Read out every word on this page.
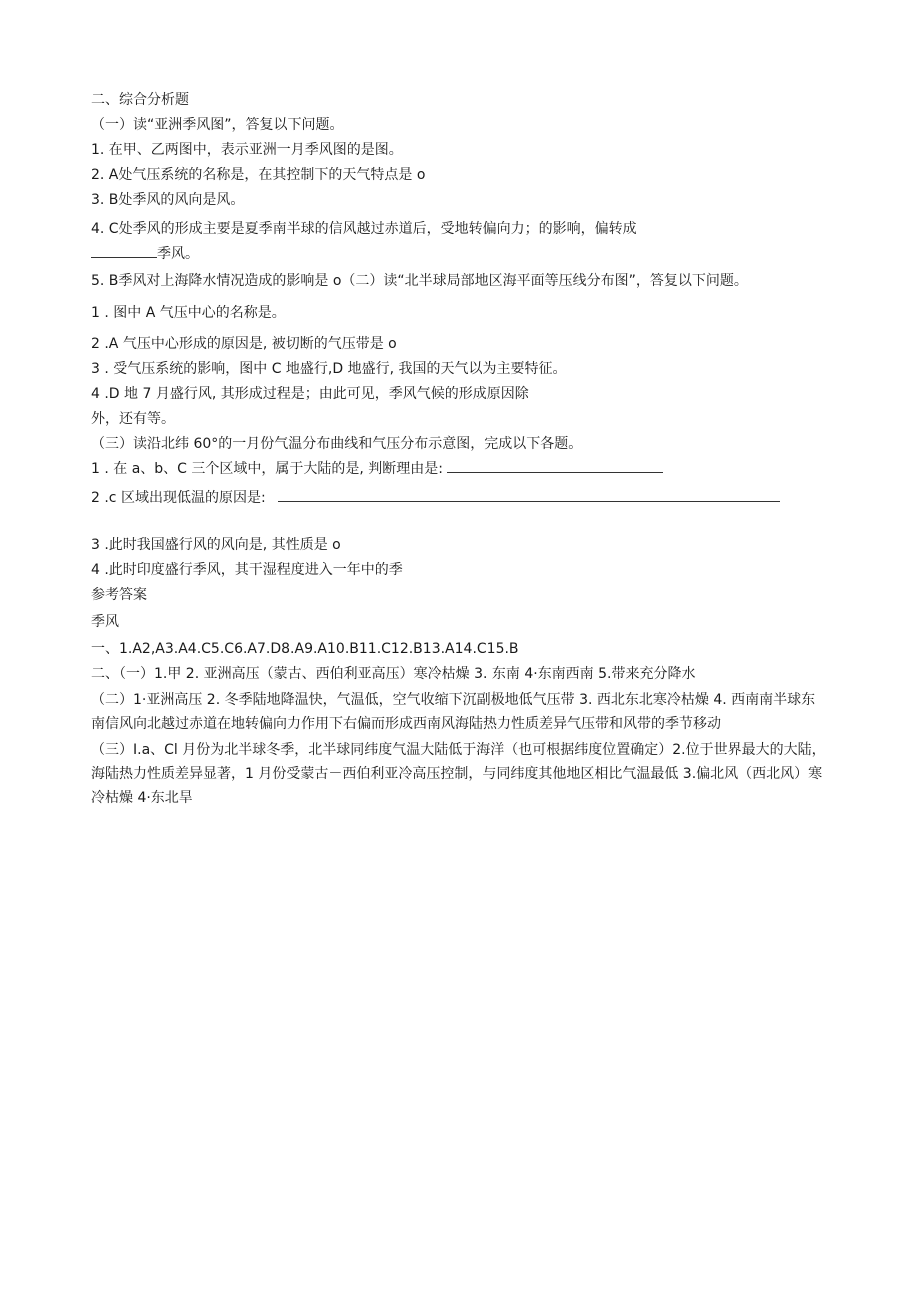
二、综合分析题
（一）读“亚洲季风图”，答复以下问题。
1. 在甲、乙两图中，表示亚洲一月季风图的是图。
2. A处气压系统的名称是，在其控制下的天气特点是 o
3. B处季风的风向是风。
4. C处季风的形成主要是夏季南半球的信风越过赤道后，受地转偏向力；的影响，偏转成
季风。
5. B季风对上海降水情况造成的影响是 o（二）读“北半球局部地区海平面等压线分布图”，答复以下问题。
1 . 图中 A 气压中心的名称是。
2 .A 气压中心形成的原因是, 被切断的气压带是 o
3 . 受气压系统的影响，图中 C 地盛行,D 地盛行, 我国的天气以为主要特征。
4 .D 地 7 月盛行风, 其形成过程是；由此可见，季风气候的形成原因除
外，还有等。
（三）读沿北纬 60°的一月份气温分布曲线和气压分布示意图，完成以下各题。
1 . 在 a、b、C 三个区域中，属于大陆的是, 判断理由是:
2 .c 区域出现低温的原因是:
3 .此时我国盛行风的风向是, 其性质是 o
4 .此时印度盛行季风，其干湿程度进入一年中的季
参考答案
季风
一、1.A2,A3.A4.C5.C6.A7.D8.A9.A10.B11.C12.B13.A14.C15.B
二、（一）1.甲 2. 亚洲高压（蒙古、西伯利亚高压）寒冷枯燥 3. 东南 4·东南西南 5.带来充分降水
（二）1·亚洲高压 2. 冬季陆地降温快，气温低，空气收缩下沉副极地低气压带 3. 西北东北寒冷枯燥 4. 西南南半球东南信风向北越过赤道在地转偏向力作用下右偏而形成西南风海陆热力性质差异气压带和风带的季节移动
（三）I.a、Cl 月份为北半球冬季，北半球同纬度气温大陆低于海洋（也可根据纬度位置确定）2.位于世界最大的大陆，海陆热力性质差异显著，1 月份受蒙古－西伯利亚冷高压控制，与同纬度其他地区相比气温最低 3.偏北风（西北风）寒冷枯燥 4·东北旱
